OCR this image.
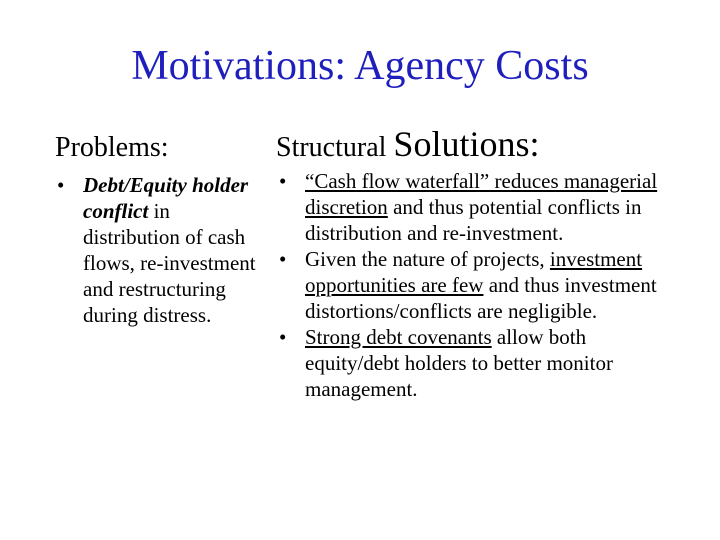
Motivations: Agency Costs
Problems:	Structural Solutions:
• Debt/Equity holder conflict in distribution of cash flows, re-investment and restructuring during distress.
• “Cash flow waterfall” reduces managerial discretion and thus potential conflicts in distribution and re-investment.
• Given the nature of projects, investment opportunities are few and thus investment distortions/conflicts are negligible.
• Strong debt covenants allow both equity/debt holders to better monitor management.
